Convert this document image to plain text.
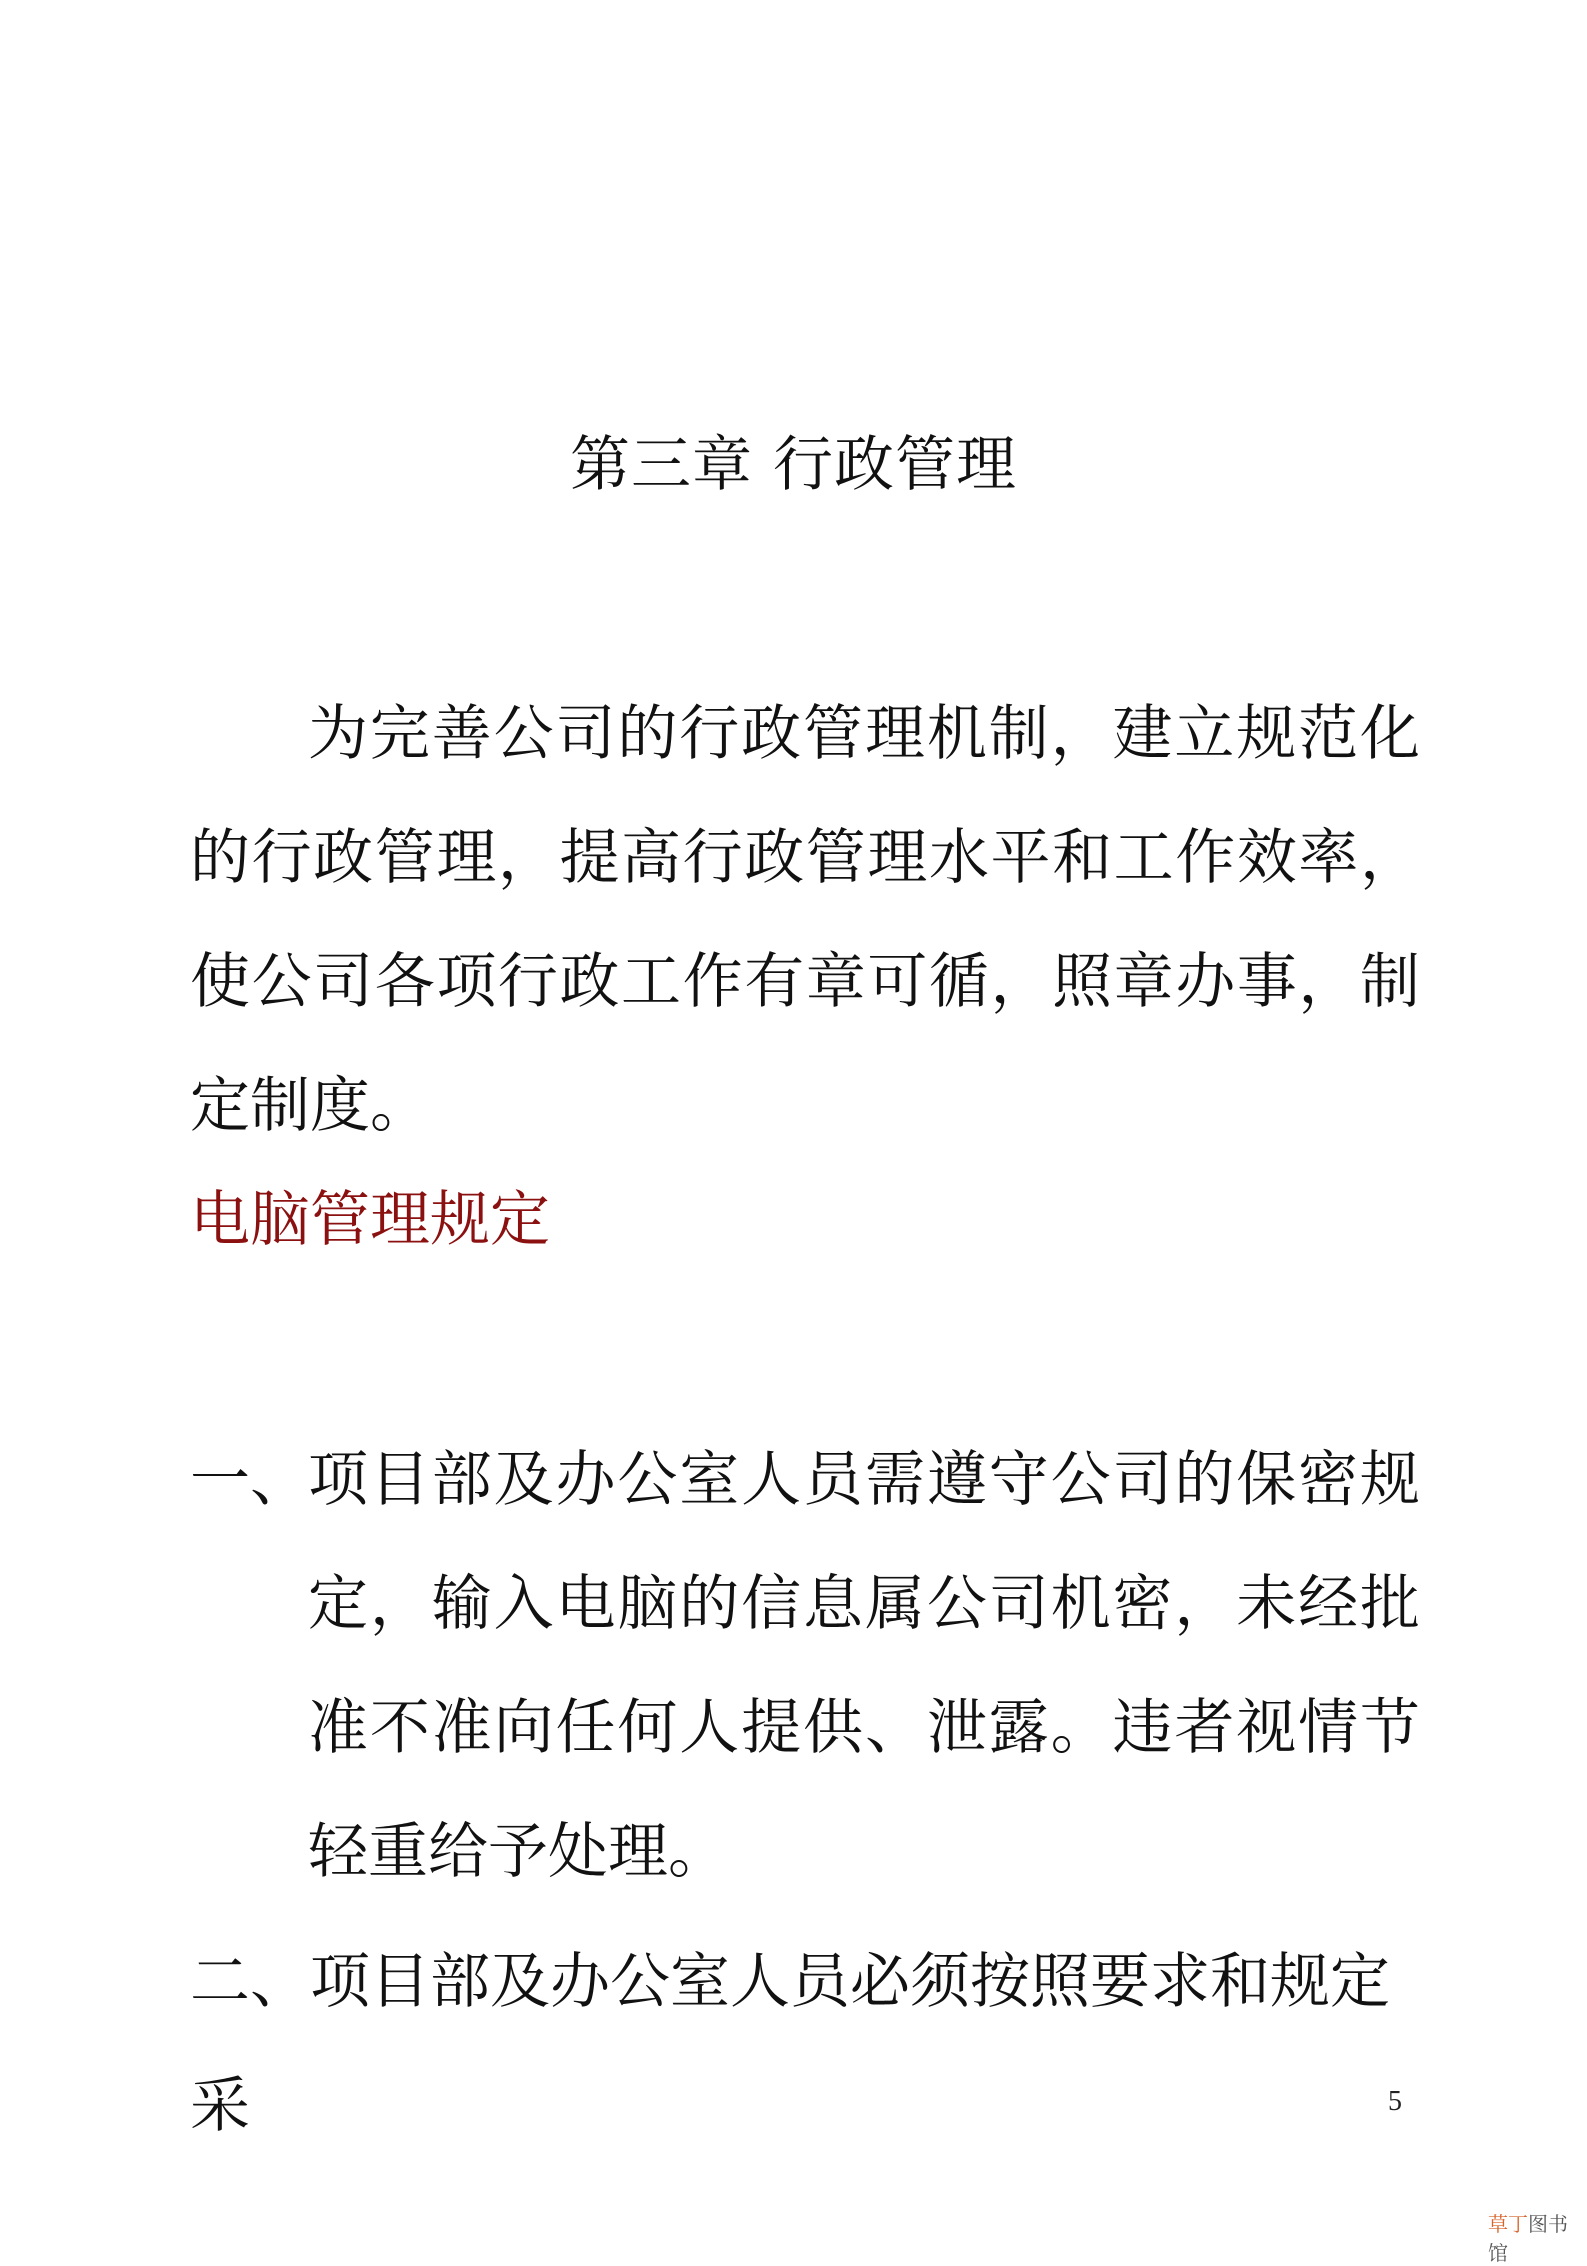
第三章 行政管理

为完善公司的行政管理机制，建立规范化的行政管理，提高行政管理水平和工作效率，使公司各项行政工作有章可循，照章办事，制定制度。

电脑管理规定
一、
项目部及办公室人员需遵守公司的保密规定，输入电脑的信息属公司机密，未经批准不准向任何人提供、泄露。违者视情节轻重给予处理。
二、项目部及办公室人员必须按照要求和规定采	5
草丁图书馆
